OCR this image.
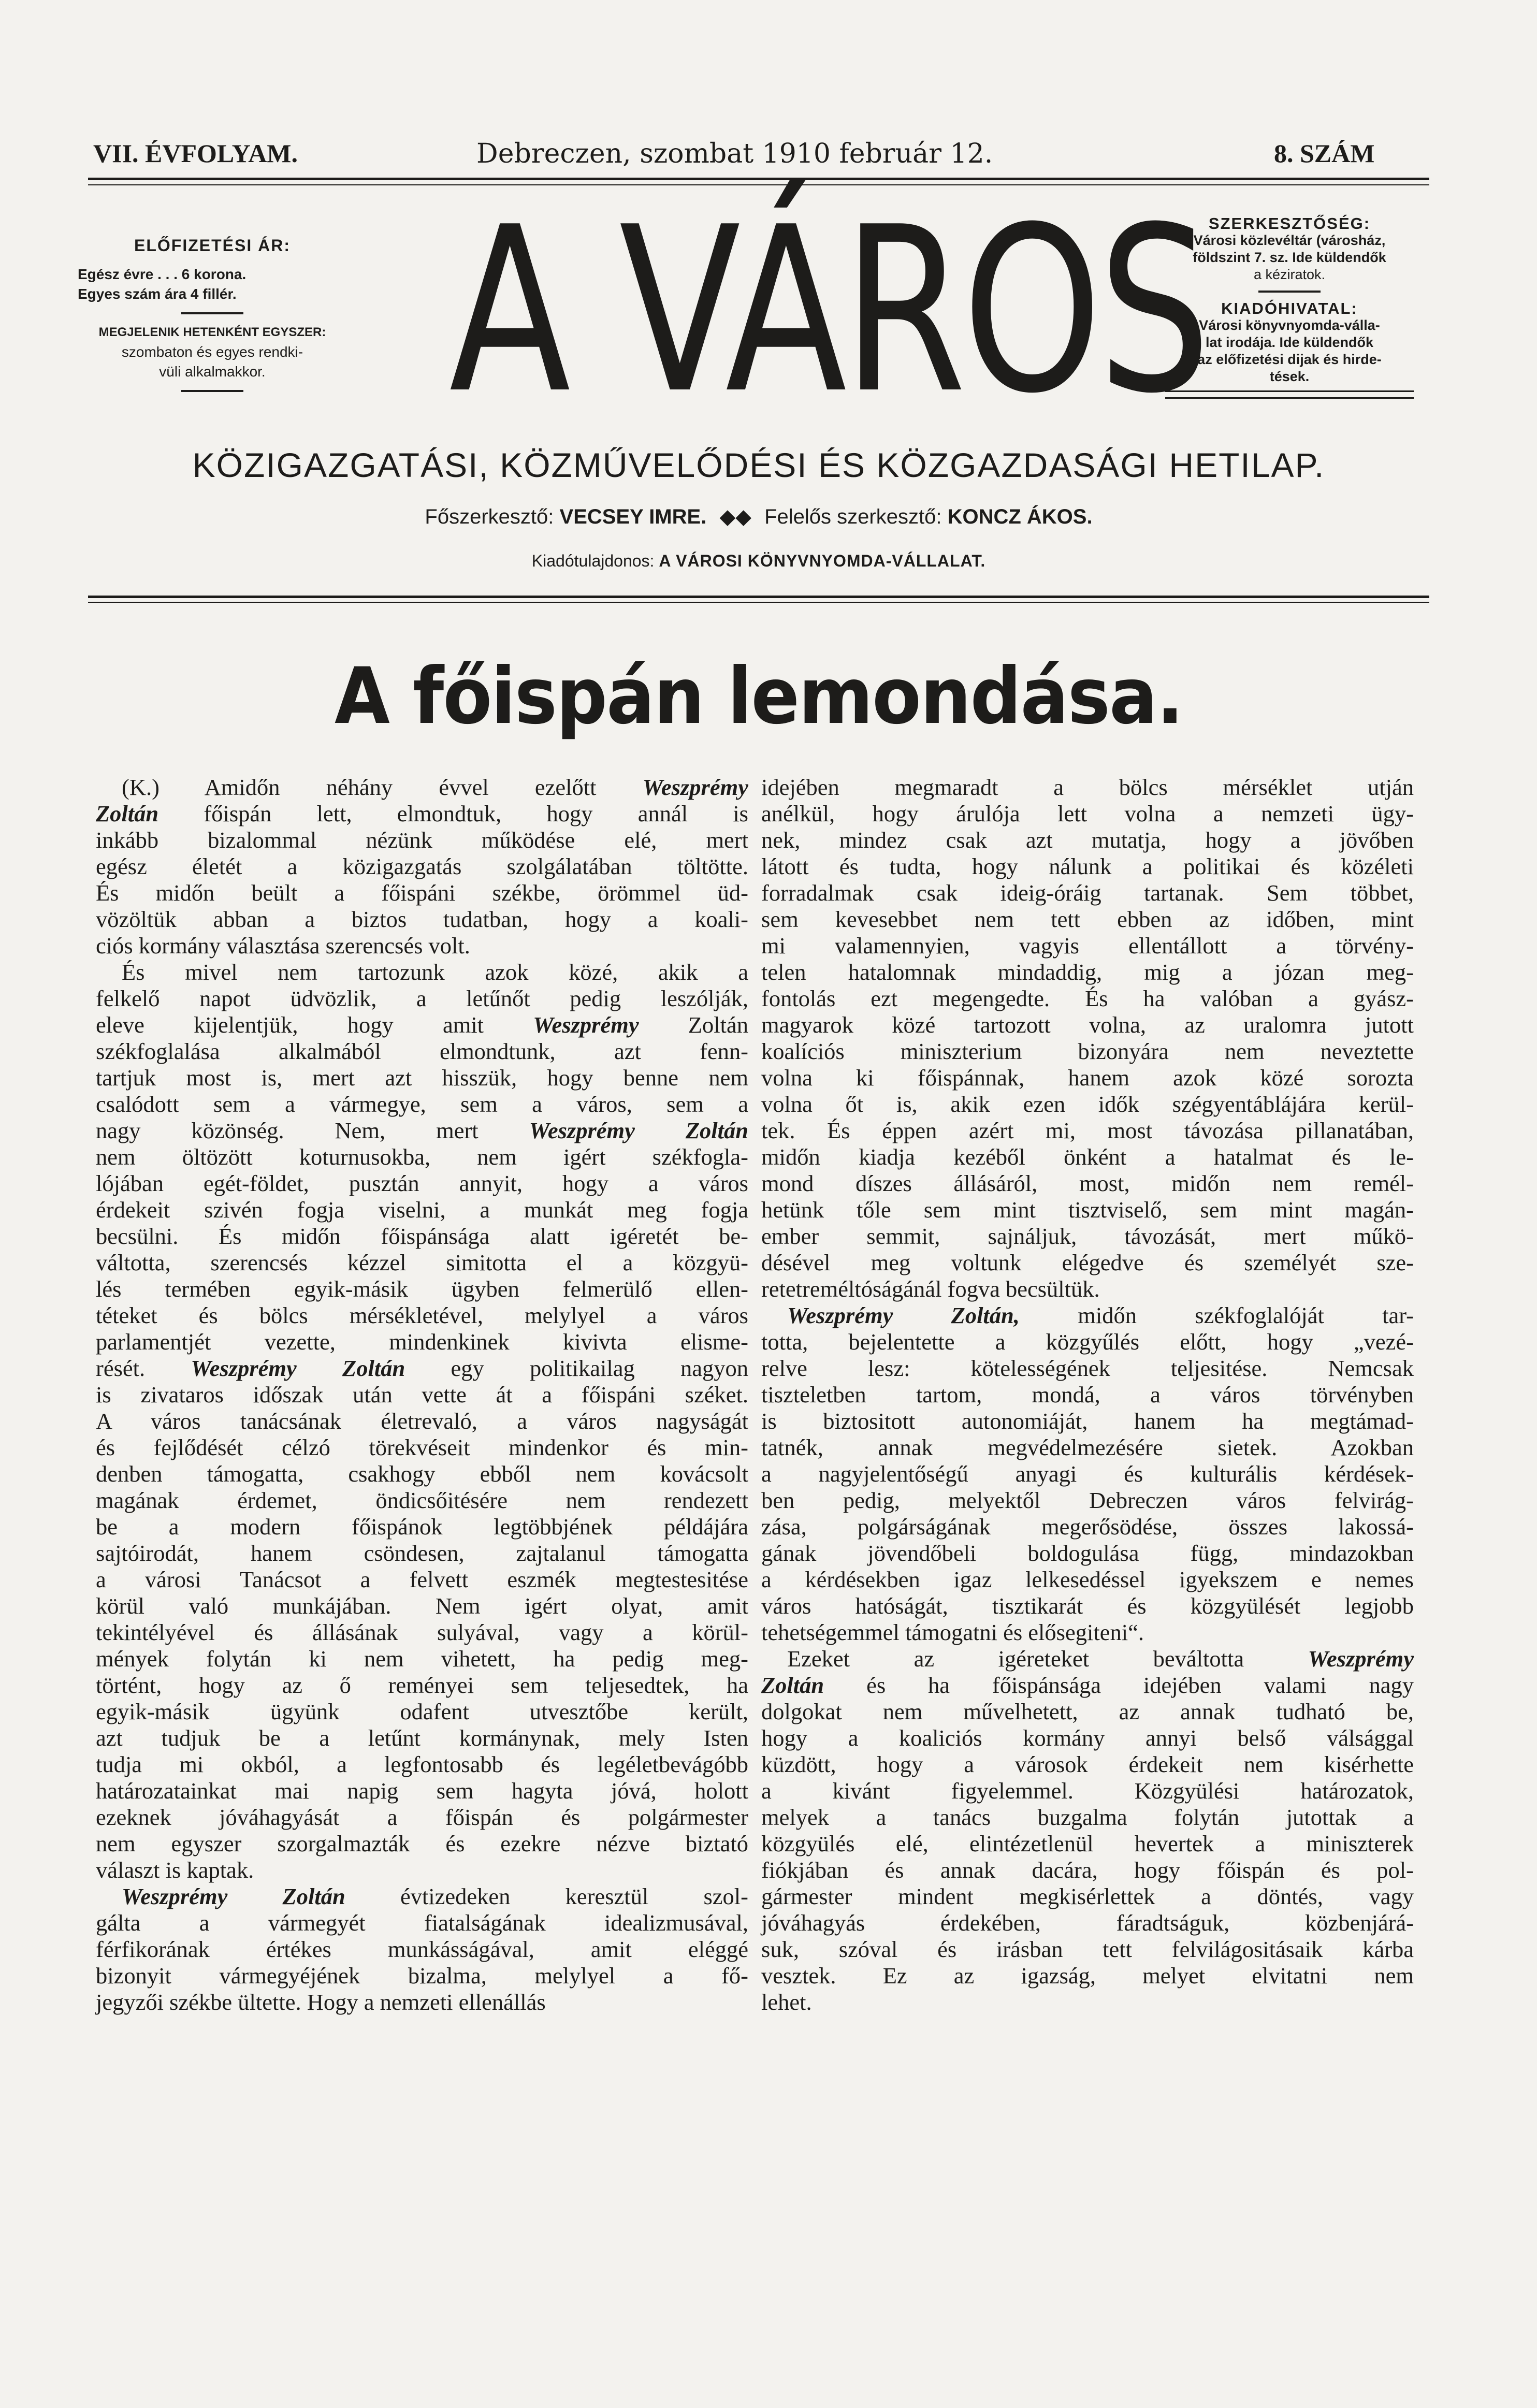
VII. ÉVFOLYAM.	Debreczen, szombat 1910 február 12.	8. SZÁM
ELŐFIZETÉSI ÁR:
Egész évre . . . 6 korona.
Egyes szám ára 4 fillér.
MEGJELENIK HETENKÉNT EGYSZER:
szombaton és egyes rendki-
vüli alkalmakkor. A VÁROS SZERKESZTŐSÉG:
Városi közlevéltár (városház,
földszint 7. sz. Ide küldendők
a kéziratok.
KIADÓHIVATAL:
Városi könyvnyomda-válla-
lat irodája. Ide küldendők
az előfizetési dijak és hirde-
tések.
KÖZIGAZGATÁSI, KÖZMŰVELŐDÉSI ÉS KÖZGAZDASÁGI HETILAP.
Főszerkesztő: VECSEY IMRE. ◆◆ Felelős szerkesztő: KONCZ ÁKOS.
Kiadótulajdonos: A VÁROSI KÖNYVNYOMDA-VÁLLALAT.
A főispán lemondása.
(K.) Amidőn néhány évvel ezelőtt Weszprémy
Zoltán főispán lett, elmondtuk, hogy annál is
inkább bizalommal nézünk működése elé, mert
egész életét a közigazgatás szolgálatában töltötte.
És midőn beült a főispáni székbe, örömmel üd-
vözöltük abban a biztos tudatban, hogy a koali-
ciós kormány választása szerencsés volt.
És mivel nem tartozunk azok közé, akik a
felkelő napot üdvözlik, a letűnőt pedig leszólják,
eleve kijelentjük, hogy amit Weszprémy Zoltán
székfoglalása alkalmából elmondtunk, azt fenn-
tartjuk most is, mert azt hisszük, hogy benne nem
csalódott sem a vármegye, sem a város, sem a
nagy közönség. Nem, mert Weszprémy Zoltán
nem öltözött koturnusokba, nem igért székfogla-
lójában egét-földet, pusztán annyit, hogy a város
érdekeit szivén fogja viselni, a munkát meg fogja
becsülni. És midőn főispánsága alatt igéretét be-
váltotta, szerencsés kézzel simitotta el a közgyü-
lés termében egyik-másik ügyben felmerülő ellen-
téteket és bölcs mérsékletével, melylyel a város
parlamentjét vezette, mindenkinek kivivta elisme-
rését. Weszprémy Zoltán egy politikailag nagyon
is zivataros időszak után vette át a főispáni széket.
A város tanácsának életrevaló, a város nagyságát
és fejlődését célzó törekvéseit mindenkor és min-
denben támogatta, csakhogy ebből nem kovácsolt
magának érdemet, öndicsőitésére nem rendezett
be a modern főispánok legtöbbjének példájára
sajtóirodát, hanem csöndesen, zajtalanul támogatta
a városi Tanácsot a felvett eszmék megtestesitése
körül való munkájában. Nem igért olyat, amit
tekintélyével és állásának sulyával, vagy a körül-
mények folytán ki nem vihetett, ha pedig meg-
történt, hogy az ő reményei sem teljesedtek, ha
egyik-másik ügyünk odafent utvesztőbe került,
azt tudjuk be a letűnt kormánynak, mely Isten
tudja mi okból, a legfontosabb és legéletbevágóbb
határozatainkat mai napig sem hagyta jóvá, holott
ezeknek jóváhagyását a főispán és polgármester
nem egyszer szorgalmazták és ezekre nézve biztató
választ is kaptak.
Weszprémy Zoltán évtizedeken keresztül szol-
gálta a vármegyét fiatalságának idealizmusával,
férfikorának értékes munkásságával, amit eléggé
bizonyit vármegyéjének bizalma, melylyel a fő-
jegyzői székbe ültette. Hogy a nemzeti ellenállás
idejében megmaradt a bölcs mérséklet utján
anélkül, hogy árulója lett volna a nemzeti ügy-
nek, mindez csak azt mutatja, hogy a jövőben
látott és tudta, hogy nálunk a politikai és közéleti
forradalmak csak ideig-óráig tartanak. Sem többet,
sem kevesebbet nem tett ebben az időben, mint
mi valamennyien, vagyis ellentállott a törvény-
telen hatalomnak mindaddig, mig a józan meg-
fontolás ezt megengedte. És ha valóban a gyász-
magyarok közé tartozott volna, az uralomra jutott
koalíciós miniszterium bizonyára nem neveztette
volna ki főispánnak, hanem azok közé sorozta
volna őt is, akik ezen idők szégyentáblájára kerül-
tek. És éppen azért mi, most távozása pillanatában,
midőn kiadja kezéből önként a hatalmat és le-
mond díszes állásáról, most, midőn nem remél-
hetünk tőle sem mint tisztviselő, sem mint magán-
ember semmit, sajnáljuk, távozását, mert műkö-
désével meg voltunk elégedve és személyét sze-
retetreméltóságánál fogva becsültük.
Weszprémy Zoltán, midőn székfoglalóját tar-
totta, bejelentette a közgyűlés előtt, hogy „vezé-
relve lesz: kötelességének teljesitése. Nemcsak
tiszteletben tartom, mondá, a város törvényben
is biztositott autonomiáját, hanem ha megtámad-
tatnék, annak megvédelmezésére sietek. Azokban
a nagyjelentőségű anyagi és kulturális kérdések-
ben pedig, melyektől Debreczen város felvirág-
zása, polgárságának megerősödése, összes lakossá-
gának jövendőbeli boldogulása függ, mindazokban
a kérdésekben igaz lelkesedéssel igyekszem e nemes
város hatóságát, tisztikarát és közgyülését legjobb
tehetségemmel támogatni és elősegiteni“.
Ezeket az igéreteket beváltotta Weszprémy
Zoltán és ha főispánsága idejében valami nagy
dolgokat nem művelhetett, az annak tudható be,
hogy a koaliciós kormány annyi belső válsággal
küzdött, hogy a városok érdekeit nem kisérhette
a kivánt figyelemmel. Közgyülési határozatok,
melyek a tanács buzgalma folytán jutottak a
közgyülés elé, elintézetlenül hevertek a miniszterek
fiókjában és annak dacára, hogy főispán és pol-
gármester mindent megkisérlettek a döntés, vagy
jóváhagyás érdekében, fáradtságuk, közbenjárá-
suk, szóval és irásban tett felvilágositásaik kárba
vesztek. Ez az igazság, melyet elvitatni nem
lehet.
